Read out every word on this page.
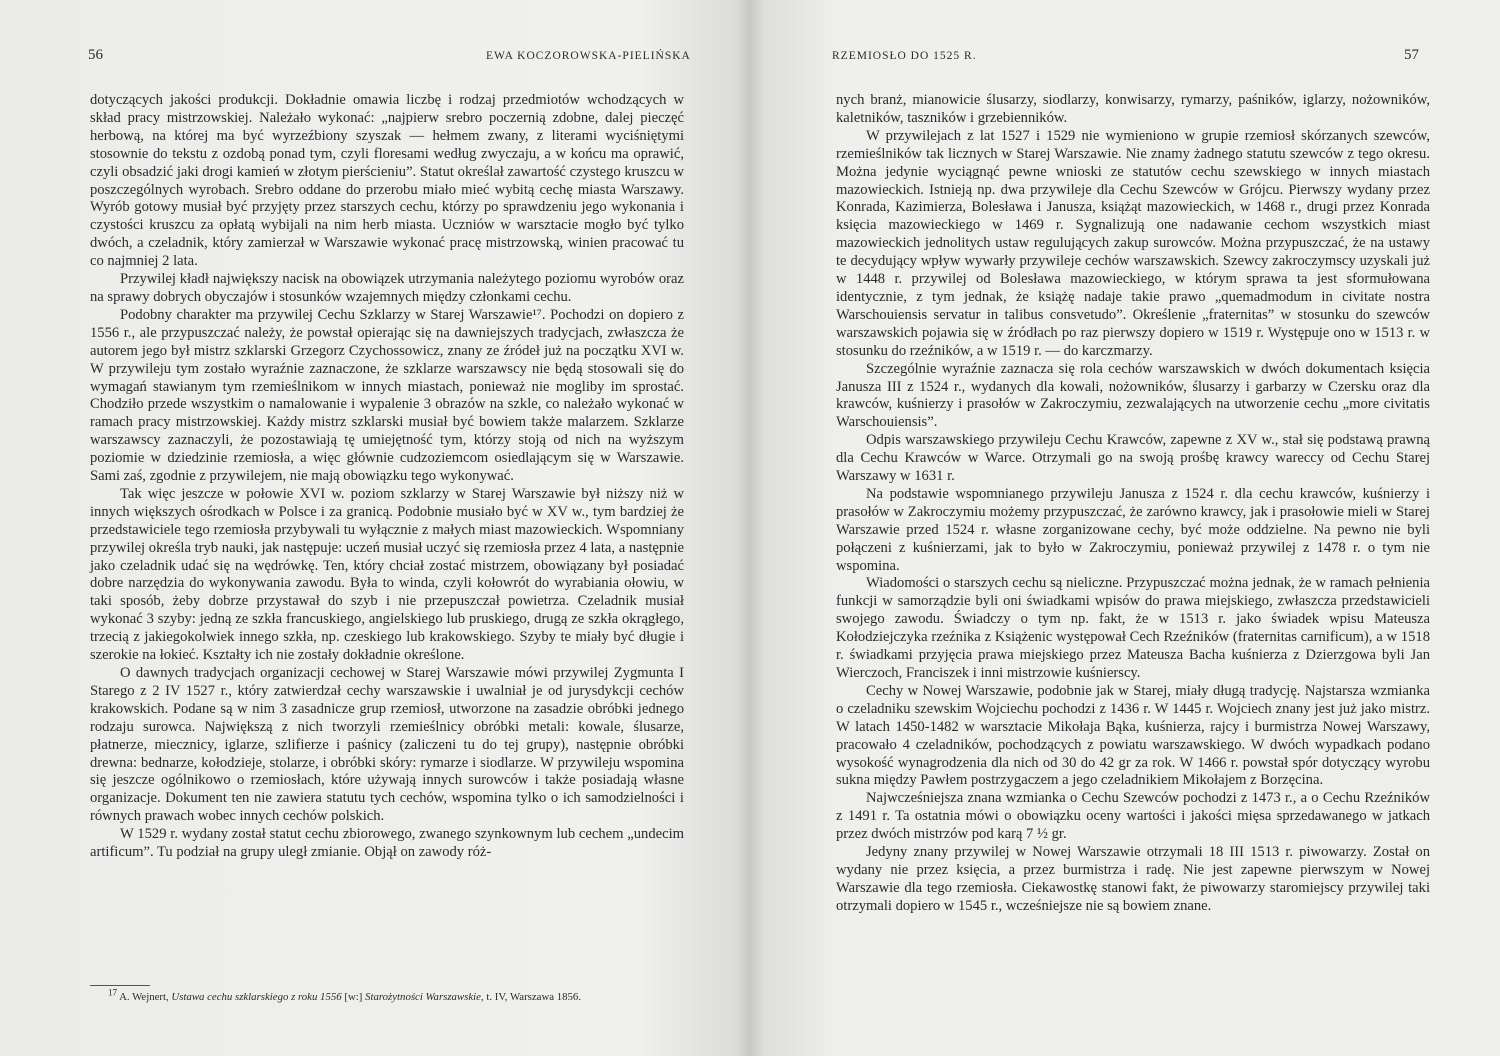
56	EWA KOCZOROWSKA-PIELIŃSKA

dotyczących jakości produkcji. Dokładnie omawia liczbę i rodzaj przedmiotów wchodzących w skład pracy mistrzowskiej. Należało wykonać: „najpierw srebro poczernią zdobne, dalej pieczęć herbową, na której ma być wyrzeźbiony szyszak — hełmem zwany, z literami wyciśniętymi stosownie do tekstu z ozdobą ponad tym, czyli floresami według zwyczaju, a w końcu ma oprawić, czyli obsadzić jaki drogi kamień w złotym pierścieniu”. Statut określał zawartość czystego kruszcu w poszczególnych wyrobach. Srebro oddane do przerobu miało mieć wybitą cechę miasta Warszawy. Wyrób gotowy musiał być przyjęty przez starszych cechu, którzy po sprawdzeniu jego wykonania i czystości kruszcu za opłatą wybijali na nim herb miasta. Uczniów w warsztacie mogło być tylko dwóch, a czeladnik, który zamierzał w Warszawie wykonać pracę mistrzowską, winien pracować tu co najmniej 2 lata.

Przywilej kładł największy nacisk na obowiązek utrzymania należytego poziomu wyrobów oraz na sprawy dobrych obyczajów i stosunków wzajemnych między członkami cechu.

Podobny charakter ma przywilej Cechu Szklarzy w Starej Warszawie¹⁷. Pochodzi on dopiero z 1556 r., ale przypuszczać należy, że powstał opierając się na dawniejszych tradycjach, zwłaszcza że autorem jego był mistrz szklarski Grzegorz Czychossowicz, znany ze źródeł już na początku XVI w. W przywileju tym zostało wyraźnie zaznaczone, że szklarze warszawscy nie będą stosowali się do wymagań stawianym tym rzemieślnikom w innych miastach, ponieważ nie mogliby im sprostać. Chodziło przede wszystkim o namalowanie i wypalenie 3 obrazów na szkle, co należało wykonać w ramach pracy mistrzowskiej. Każdy mistrz szklarski musiał być bowiem także malarzem. Szklarze warszawscy zaznaczyli, że pozostawiają tę umiejętność tym, którzy stoją od nich na wyższym poziomie w dziedzinie rzemiosła, a więc głównie cudzoziemcom osiedlającym się w Warszawie. Sami zaś, zgodnie z przywilejem, nie mają obowiązku tego wykonywać.

Tak więc jeszcze w połowie XVI w. poziom szklarzy w Starej Warszawie był niższy niż w innych większych ośrodkach w Polsce i za granicą. Podobnie musiało być w XV w., tym bardziej że przedstawiciele tego rzemiosła przybywali tu wyłącznie z małych miast mazowieckich. Wspomniany przywilej określa tryb nauki, jak następuje: uczeń musiał uczyć się rzemiosła przez 4 lata, a następnie jako czeladnik udać się na wędrówkę. Ten, który chciał zostać mistrzem, obowiązany był posiadać dobre narzędzia do wykonywania zawodu. Była to winda, czyli kołowrót do wyrabiania ołowiu, w taki sposób, żeby dobrze przystawał do szyb i nie przepuszczał powietrza. Czeladnik musiał wykonać 3 szyby: jedną ze szkła francuskiego, angielskiego lub pruskiego, drugą ze szkła okrągłego, trzecią z jakiegokolwiek innego szkła, np. czeskiego lub krakowskiego. Szyby te miały być długie i szerokie na łokieć. Kształty ich nie zostały dokładnie określone.

O dawnych tradycjach organizacji cechowej w Starej Warszawie mówi przywilej Zygmunta I Starego z 2 IV 1527 r., który zatwierdzał cechy warszawskie i uwalniał je od jurysdykcji cechów krakowskich. Podane są w nim 3 zasadnicze grup rzemiosł, utworzone na zasadzie obróbki jednego rodzaju surowca. Największą z nich tworzyli rzemieślnicy obróbki metali: kowale, ślusarze, płatnerze, miecznicy, iglarze, szlifierze i paśnicy (zaliczeni tu do tej grupy), następnie obróbki drewna: bednarze, kołodziejе, stolarze, i obróbki skóry: rymarze i siodlarze. W przywileju wspomina się jeszcze ogólnikowo o rzemiosłach, które używają innych surowców i także posiadają własne organizacje. Dokument ten nie zawiera statutu tych cechów, wspomina tylko o ich samodzielności i równych prawach wobec innych cechów polskich.

W 1529 r. wydany został statut cechu zbiorowego, zwanego szynkownym lub cechem „undecim artificum”. Tu podział na grupy uległ zmianie. Objął on zawody róż-

$^{17}$ A. Wejnert, Ustawa cechu szklarskiego z roku 1556 [w:] Starożytności Warszawskie, t. IV, Warszawa 1856.
RZEMIOSŁO DO 1525 R.	57

nych branż, mianowicie ślusarzy, siodlarzy, konwisarzy, rymarzy, paśników, iglarzy, nożowników, kaletników, taszników i grzebienników.

W przywilejach z lat 1527 i 1529 nie wymieniono w grupie rzemiosł skórzanych szewców, rzemieślników tak licznych w Starej Warszawie. Nie znamy żadnego statutu szewców z tego okresu. Można jedynie wyciągnąć pewne wnioski ze statutów cechu szewskiego w innych miastach mazowieckich. Istnieją np. dwa przywileje dla Cechu Szewców w Grójcu. Pierwszy wydany przez Konrada, Kazimierza, Bolesława i Janusza, książąt mazowieckich, w 1468 r., drugi przez Konrada księcia mazowieckiego w 1469 r. Sygnalizują one nadawanie cechom wszystkich miast mazowieckich jednolitych ustaw regulujących zakup surowców. Można przypuszczać, że na ustawy te decydujący wpływ wywarły przywileje cechów warszawskich. Szewcy zakroczymscy uzyskali już w 1448 r. przywilej od Bolesława mazowieckiego, w którym sprawa ta jest sformułowana identycznie, z tym jednak, że książę nadaje takie prawo „quemadmodum in civitate nostra Warschouiensis servatur in talibus consvetudo”. Określenie „fraternitas” w stosunku do szewców warszawskich pojawia się w źródłach po raz pierwszy dopiero w 1519 r. Występuje ono w 1513 r. w stosunku do rzeźników, a w 1519 r. — do karczmarzy.

Szczególnie wyraźnie zaznacza się rola cechów warszawskich w dwóch dokumentach księcia Janusza III z 1524 r., wydanych dla kowali, nożowników, ślusarzy i garbarzy w Czersku oraz dla krawców, kuśnierzy i prasołów w Zakroczymiu, zezwalających na utworzenie cechu „more civitatis Warschouiensis”.

Odpis warszawskiego przywileju Cechu Krawców, zapewne z XV w., stał się podstawą prawną dla Cechu Krawców w Warce. Otrzymali go na swoją prośbę krawcy wareccy od Cechu Starej Warszawy w 1631 r.

Na podstawie wspomnianego przywileju Janusza z 1524 r. dla cechu krawców, kuśnierzy i prasołów w Zakroczymiu możemy przypuszczać, że zarówno krawcy, jak i prasołowie mieli w Starej Warszawie przed 1524 r. własne zorganizowane cechy, być może oddzielne. Na pewno nie byli połączeni z kuśnierzami, jak to było w Zakroczymiu, ponieważ przywilej z 1478 r. o tym nie wspomina.

Wiadomości o starszych cechu są nieliczne. Przypuszczać można jednak, że w ramach pełnienia funkcji w samorządzie byli oni świadkami wpisów do prawa miejskiego, zwłaszcza przedstawicieli swojego zawodu. Świadczy o tym np. fakt, że w 1513 r. jako świadek wpisu Mateusza Kołodziejczyka rzeźnika z Książenic występował Cech Rzeźników (fraternitas carnificum), a w 1518 r. świadkami przyjęcia prawa miejskiego przez Mateusza Bacha kuśnierza z Dzierzgowa byli Jan Wierczoch, Franciszek i inni mistrzowie kuśnierscy.

Cechy w Nowej Warszawie, podobnie jak w Starej, miały długą tradycję. Najstarsza wzmianka o czeladniku szewskim Wojciechu pochodzi z 1436 r. W 1445 r. Wojciech znany jest już jako mistrz. W latach 1450-1482 w warsztacie Mikołaja Bąka, kuśnierza, rajcy i burmistrza Nowej Warszawy, pracowało 4 czeladników, pochodzących z powiatu warszawskiego. W dwóch wypadkach podano wysokość wynagrodzenia dla nich od 30 do 42 gr za rok. W 1466 r. powstał spór dotyczący wyrobu sukna między Pawłem postrzygaczem a jego czeladnikiem Mikołajem z Borzęcina.

Najwcześniejsza znana wzmianka o Cechu Szewców pochodzi z 1473 r., a o Cechu Rzeźników z 1491 r. Ta ostatnia mówi o obowiązku oceny wartości i jakości mięsa sprzedawanego w jatkach przez dwóch mistrzów pod karą 7 ½ gr.

Jedyny znany przywilej w Nowej Warszawie otrzymali 18 III 1513 r. piwowarzy. Został on wydany nie przez księcia, a przez burmistrza i radę. Nie jest zapewne pierwszym w Nowej Warszawie dla tego rzemiosła. Ciekawostkę stanowi fakt, że piwowarzy staromiejscy przywilej taki otrzymali dopiero w 1545 r., wcześniejsze nie są bowiem znane.
